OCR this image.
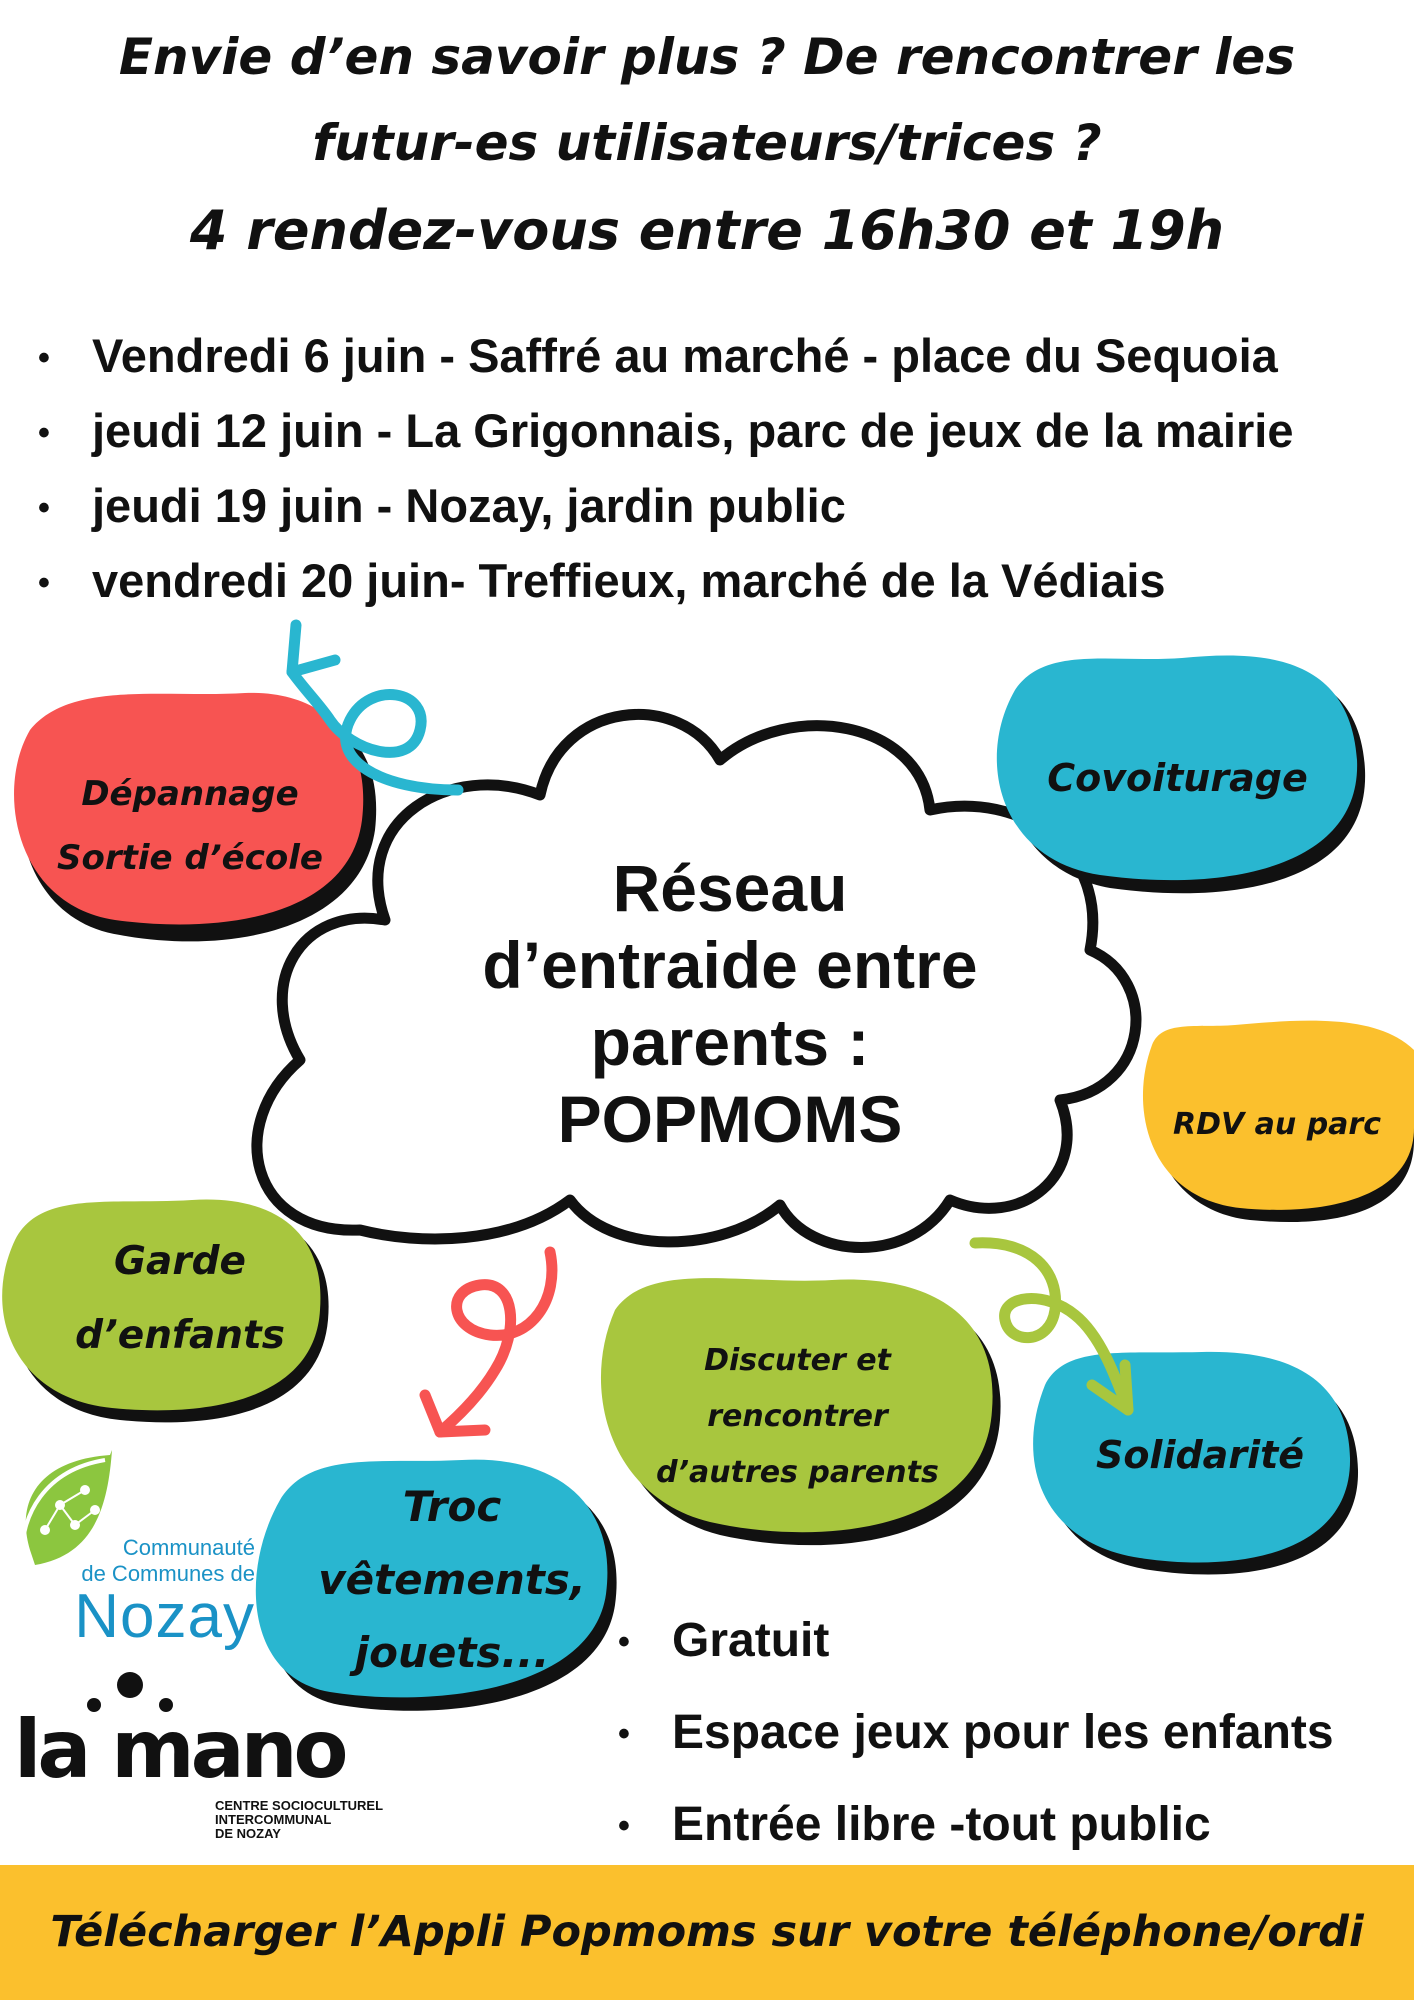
Envie d’en savoir plus ? De rencontrer les
futur-es utilisateurs/trices ?
4 rendez-vous entre 16h30 et 19h
• Vendredi 6 juin - Saffré au marché - place du Sequoia
• jeudi 12 juin - La Grigonnais, parc de jeux de la mairie
• jeudi 19 juin - Nozay, jardin public
• vendredi 20 juin- Treffieux, marché de la Védiais
Réseau
d’entraide entre
parents :
POPMOMS
Dépannage
Sortie d’école
Covoiturage
RDV au parc
Garde
d’enfants
Discuter et
rencontrer
d’autres parents	Solidarité
Troc
vêtements,
jouets...	• Gratuit
• Espace jeux pour les enfants
• Entrée libre -tout public
Communauté
de Communes de
Nozay
la mano
CENTRE SOCIOCULTUREL
INTERCOMMUNAL
DE NOZAY
Télécharger l’Appli Popmoms sur votre téléphone/ordi
